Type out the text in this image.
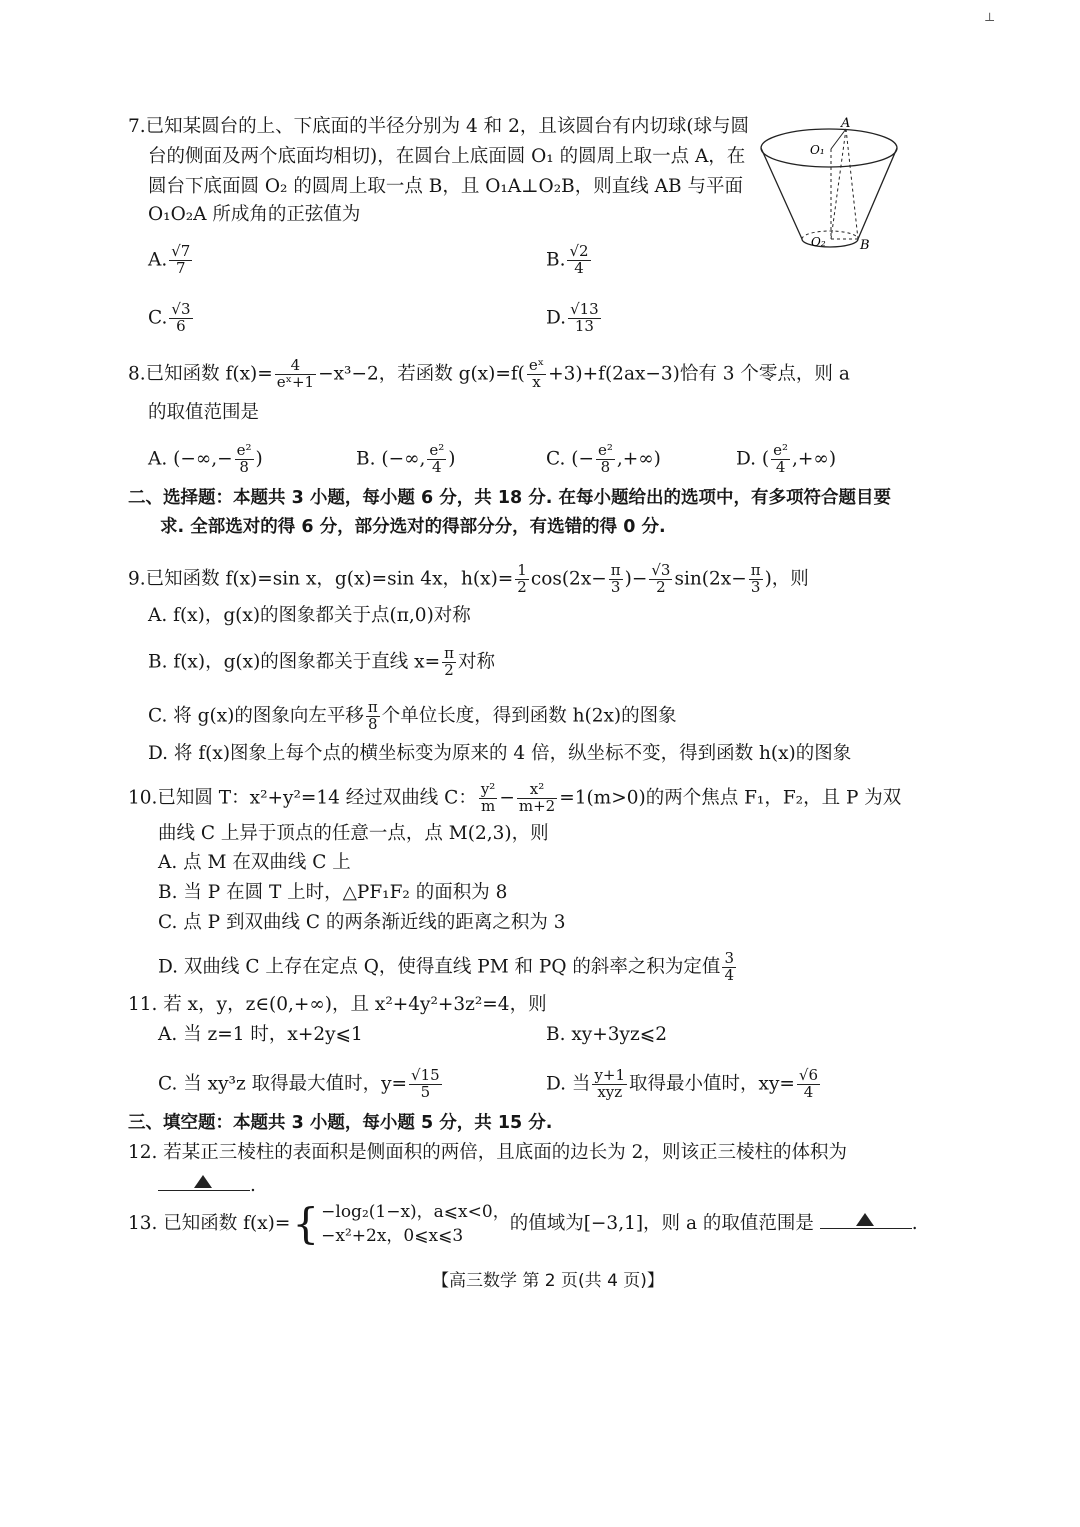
⊥
7.已知某圆台的上、下底面的半径分别为 4 和 2，且该圆台有内切球(球与圆
台的侧面及两个底面均相切)，在圆台上底面圆 O₁ 的圆周上取一点 A，在
圆台下底面圆 O₂ 的圆周上取一点 B，且 O₁A⊥O₂B，则直线 AB 与平面
O₁O₂A 所成角的正弦值为
A. $\frac{√7}{7}$	B. $\frac{√2}{4}$
C. $\frac{√3}{6}$	D. $\frac{√13}{13}$
A
O₁
O₂	B
8.已知函数 $f(x)= \frac{4}{\text{eˣ+1}} -x^3-2$，若函数 $g(x)=f( \frac{\text{eˣ}}{x} +3)+f(2ax-3)$恰有 3 个零点，则 a
的取值范围是
A. (−∞,− $\frac{\text{e²}}{8}$ )	B. (−∞, $\frac{\text{e²}}{4}$ )	C. (− $\frac{\text{e²}}{8}$ ,+∞)	D. ( $\frac{\text{e²}}{4}$ ,+∞)
二、选择题：本题共 3 小题，每小题 6 分，共 18 分. 在每小题给出的选项中，有多项符合题目要
求. 全部选对的得 6 分，部分选对的得部分分，有选错的得 0 分.
9.已知函数 f(x)=sin x，g(x)=sin 4x，$h(x)= \frac{1}{2} \cos(2x- \frac{\pi}{3}$ )− $\frac{√3}{2} \sin(2x- \frac{\pi}{3}$ )，则
A. f(x)，g(x)的图象都关于点(π,0)对称
B. f(x)，g(x)的图象都关于直线 $x= \frac{\pi}{2}$ 对称
C. 将 g(x)的图象向左平移 $\frac{\pi}{8}$ 个单位长度，得到函数 h(2x)的图象
D. 将 f(x)图象上每个点的横坐标变为原来的 4 倍，纵坐标不变，得到函数 h(x)的图象
10.已知圆 T：x²+y²=14 经过双曲线 C： $\frac{\text{y²}}{m} - \frac{\text{x²}}{m+2} =1(m>0)$的两个焦点 F₁，F₂，且 P 为双
曲线 C 上异于顶点的任意一点，点 M(2,3)，则
A. 点 M 在双曲线 C 上
B. 当 P 在圆 T 上时，△PF₁F₂ 的面积为 8
C. 点 P 到双曲线 C 的两条渐近线的距离之积为 3
D. 双曲线 C 上存在定点 Q，使得直线 PM 和 PQ 的斜率之积为定值 $\frac{3}{4}$
11. 若 x，y，z∈(0,+∞)，且 x²+4y²+3z²=4，则
A. 当 z=1 时，x+2y⩽1	B. xy+3yz⩽2
C. 当 xy³z 取得最大值时，$y= \frac{√15}{5}$	D. 当 $\frac{y+1}{\text{xyz}}$ 取得最小值时，$xy= \frac{√6}{4}$
三、填空题：本题共 3 小题，每小题 5 分，共 15 分.
12. 若某正三棱柱的表面积是侧面积的两倍，且底面的边长为 2，则该正三棱柱的体积为
.
13. 已知函数 f(x)={ −log₂(1−x)，a⩽x<0，
−x²+2x，0⩽x⩽3
的值域为[−3,1]，则 a 的取值范围是	.
【高三数学 第 2 页(共 4 页)】
